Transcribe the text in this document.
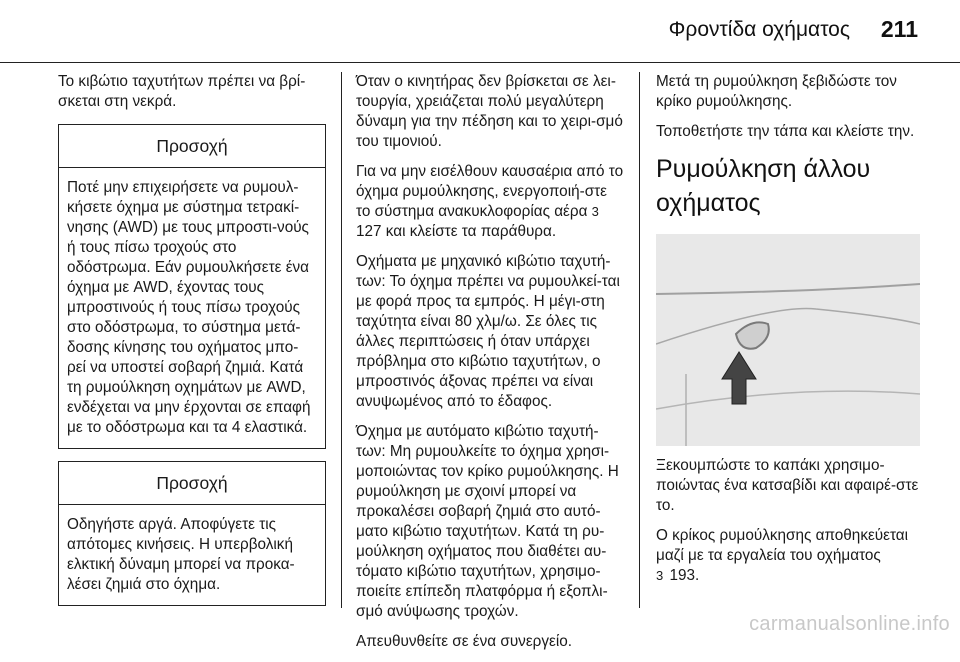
Φροντίδα οχήματος 211

Το κιβώτιο ταχυτήτων πρέπει να βρί-σκεται στη νεκρά.

Προσοχή

Ποτέ μην επιχειρήσετε να ρυμουλ-κήσετε όχημα με σύστημα τετρακί-νησης (AWD) με τους μπροστι-νούς ή τους πίσω τροχούς στο οδόστρωμα. Εάν ρυμουλκήσετε ένα όχημα με AWD, έχοντας τους μπροστινούς ή τους πίσω τροχούς στο οδόστρωμα, το σύστημα μετά-δοσης κίνησης του οχήματος μπο-ρεί να υποστεί σοβαρή ζημιά. Κατά τη ρυμούλκηση οχημάτων με AWD, ενδέχεται να μην έρχονται σε επαφή με το οδόστρωμα και τα 4 ελαστικά.

Προσοχή

Οδηγήστε αργά. Αποφύγετε τις απότομες κινήσεις. Η υπερβολική ελκτική δύναμη μπορεί να προκα-λέσει ζημιά στο όχημα.

Όταν ο κινητήρας δεν βρίσκεται σε λει-τουργία, χρειάζεται πολύ μεγαλύτερη δύναμη για την πέδηση και το χειρι-σμό του τιμονιού.

Για να μην εισέλθουν καυσαέρια από το όχημα ρυμούλκησης, ενεργοποιή-στε το σύστημα ανακυκλοφορίας αέρα 3 127 και κλείστε τα παράθυρα.

Οχήματα με μηχανικό κιβώτιο ταχυτή-των: Το όχημα πρέπει να ρυμουλκεί-ται με φορά προς τα εμπρός. Η μέγι-στη ταχύτητα είναι 80 χλμ/ω. Σε όλες τις άλλες περιπτώσεις ή όταν υπάρχει πρόβλημα στο κιβώτιο ταχυτήτων, ο μπροστινός άξονας πρέπει να είναι ανυψωμένος από το έδαφος.

Όχημα με αυτόματο κιβώτιο ταχυτή-των: Μη ρυμουλκείτε το όχημα χρησι-μοποιώντας τον κρίκο ρυμούλκησης. Η ρυμούλκηση με σχοινί μπορεί να προκαλέσει σοβαρή ζημιά στο αυτό-ματο κιβώτιο ταχυτήτων. Κατά τη ρυ-μούλκηση οχήματος που διαθέτει αυ-τόματο κιβώτιο ταχυτήτων, χρησιμο-ποιείτε επίπεδη πλατφόρμα ή εξοπλι-σμό ανύψωσης τροχών.

Απευθυνθείτε σε ένα συνεργείο.

Μετά τη ρυμούλκηση ξεβιδώστε τον κρίκο ρυμούλκησης.

Τοποθετήστε την τάπα και κλείστε την.

Ρυμούλκηση άλλου οχήματος

Ξεκουμπώστε το καπάκι χρησιμο-ποιώντας ένα κατσαβίδι και αφαιρέ-στε το.

Ο κρίκος ρυμούλκησης αποθηκεύεται μαζί με τα εργαλεία του οχήματος
3 193.

carmanualsonline.info
